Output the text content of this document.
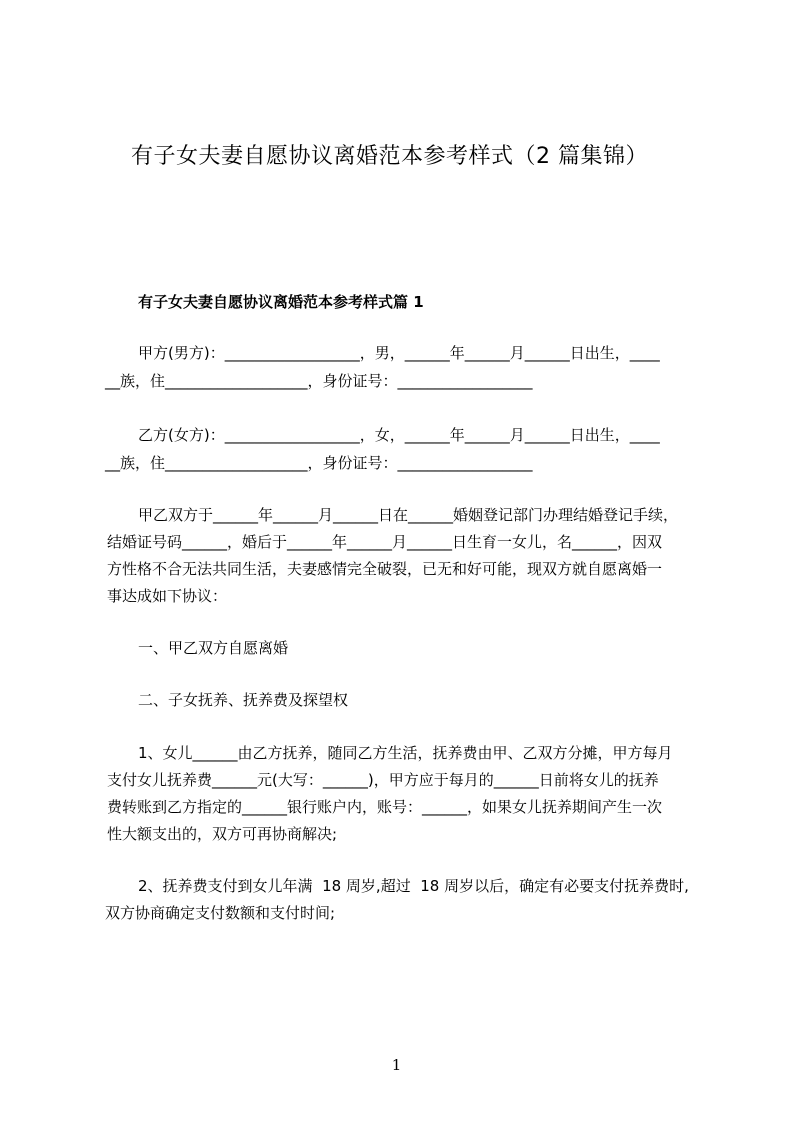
有子女夫妻自愿协议离婚范本参考样式（2 篇集锦）
有子女夫妻自愿协议离婚范本参考样式篇 1
甲方(男方)：__________________，男，______年______月______日出生，____
__族，住___________________，身份证号：__________________
乙方(女方)：__________________，女，______年______月______日出生，____
__族，住___________________，身份证号：__________________
甲乙双方于______年______月______日在______婚姻登记部门办理结婚登记手续，
结婚证号码______，婚后于______年______月______日生育一女儿，名______，因双
方性格不合无法共同生活，夫妻感情完全破裂，已无和好可能，现双方就自愿离婚一
事达成如下协议：
一、甲乙双方自愿离婚
二、子女抚养、抚养费及探望权
1、女儿______由乙方抚养，随同乙方生活，抚养费由甲、乙双方分摊，甲方每月
支付女儿抚养费______元(大写：______)，甲方应于每月的______日前将女儿的抚养
费转账到乙方指定的______银行账户内，账号：______，如果女儿抚养期间产生一次
性大额支出的，双方可再协商解决;
2、抚养费支付到女儿年满  18 周岁,超过  18 周岁以后，确定有必要支付抚养费时,
双方协商确定支付数额和支付时间;
1
